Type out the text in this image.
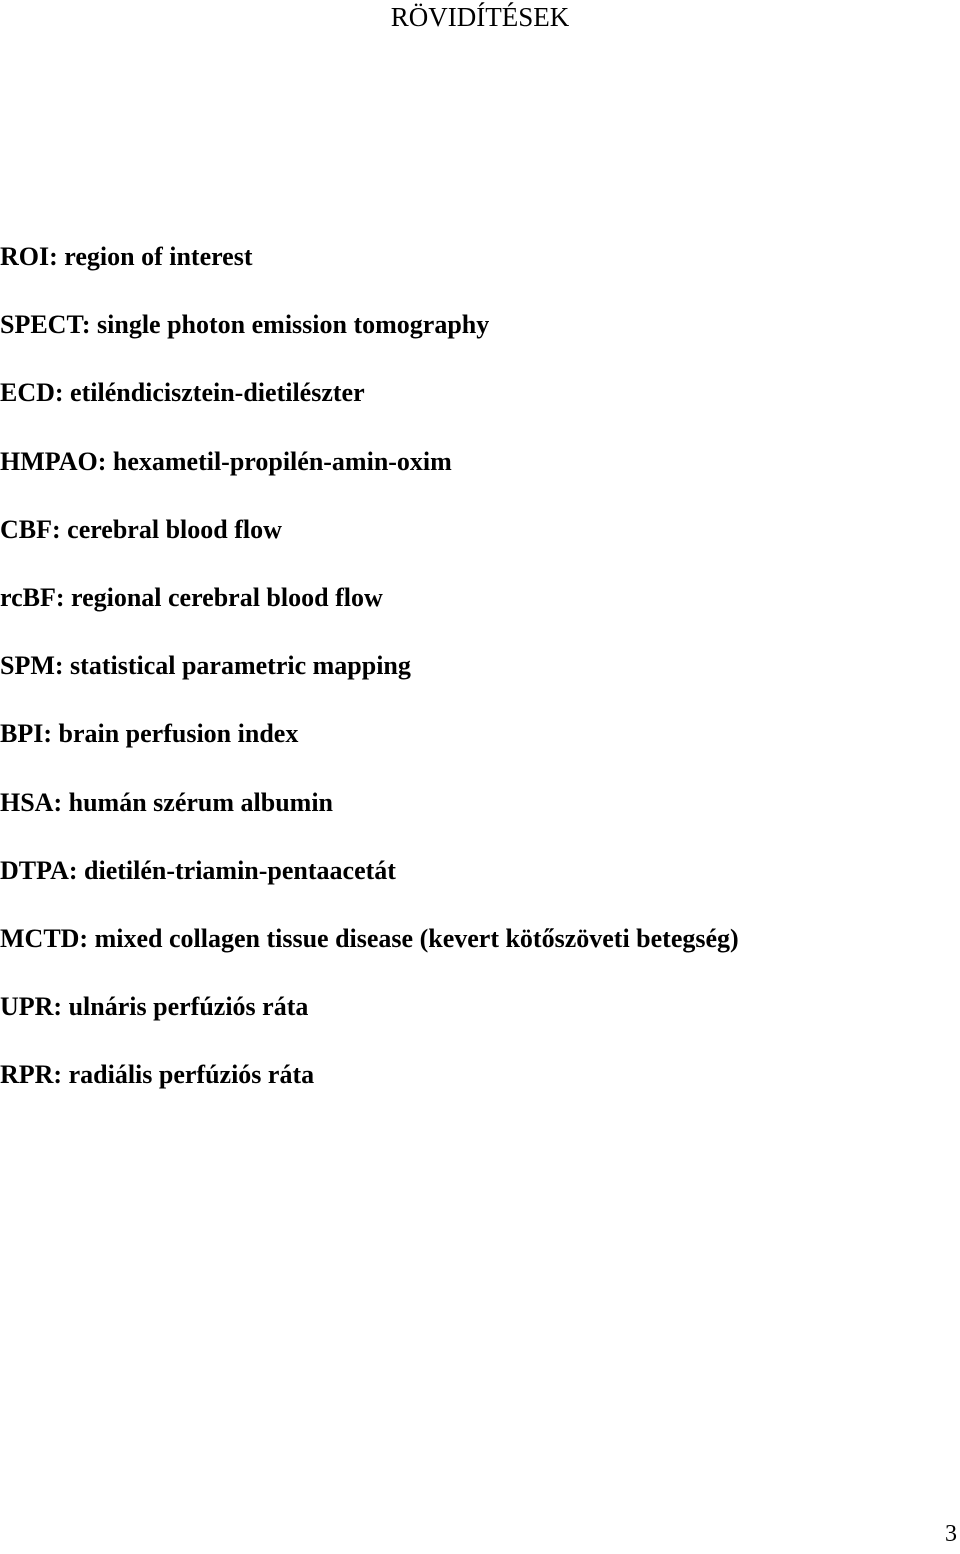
RÖVIDÍTÉSEK
ROI: region of interest
SPECT: single photon emission tomography
ECD: etiléndicisztein-dietilészter
HMPAO: hexametil-propilén-amin-oxim
CBF: cerebral blood flow
rcBF: regional cerebral blood flow
SPM: statistical parametric mapping
BPI: brain perfusion index
HSA: humán szérum albumin
DTPA: dietilén-triamin-pentaacetát
MCTD: mixed collagen tissue disease (kevert kötőszöveti betegség)
UPR: ulnáris perfúziós ráta
RPR: radiális perfúziós ráta
3
